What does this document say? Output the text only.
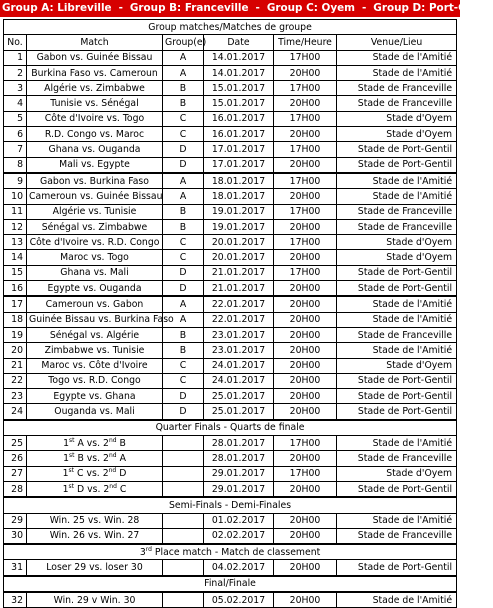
Group A: Libreville - Group B: Franceville - Group C: Oyem - Group D: Port-Gentil
Group matches/Matches de groupe					
No.	Match	Group(e)	Date	Time/Heure	Venue/Lieu
1	Gabon vs. Guinée Bissau	A	14.01.2017	17H00	Stade de l'Amitié
2	Burkina Faso vs. Cameroun	A	14.01.2017	20H00	Stade de l'Amitié
3	Algérie vs. Zimbabwe	B	15.01.2017	17H00	Stade de Franceville
4	Tunisie vs. Sénégal	B	15.01.2017	20H00	Stade de Franceville
5	Côte d'Ivoire vs. Togo	C	16.01.2017	17H00	Stade d'Oyem
6	R.D. Congo vs. Maroc	C	16.01.2017	20H00	Stade d'Oyem
7	Ghana vs. Ouganda	D	17.01.2017	17H00	Stade de Port-Gentil
8	Mali vs. Egypte	D	17.01.2017	20H00	Stade de Port-Gentil
9	Gabon vs. Burkina Faso	A	18.01.2017	17H00	Stade de l'Amitié
10	Cameroun vs. Guinée Bissau	A	18.01.2017	20H00	Stade de l'Amitié
11	Algérie vs. Tunisie	B	19.01.2017	17H00	Stade de Franceville
12	Sénégal vs. Zimbabwe	B	19.01.2017	20H00	Stade de Franceville
13	Côte d'Ivoire vs. R.D. Congo	C	20.01.2017	17H00	Stade d'Oyem
14	Maroc vs. Togo	C	20.01.2017	20H00	Stade d'Oyem
15	Ghana vs. Mali	D	21.01.2017	17H00	Stade de Port-Gentil
16	Egypte vs. Ouganda	D	21.01.2017	20H00	Stade de Port-Gentil
17	Cameroun vs. Gabon	A	22.01.2017	20H00	Stade de l'Amitié
18	Guinée Bissau vs. Burkina Faso	A	22.01.2017	20H00	Stade de l'Amitié
19	Sénégal vs. Algérie	B	23.01.2017	20H00	Stade de Franceville
20	Zimbabwe vs. Tunisie	B	23.01.2017	20H00	Stade de l'Amitié
21	Maroc vs. Côte d'Ivoire	C	24.01.2017	20H00	Stade d'Oyem
22	Togo vs. R.D. Congo	C	24.01.2017	20H00	Stade de Port-Gentil
23	Egypte vs. Ghana	D	25.01.2017	20H00	Stade de Port-Gentil
24	Ouganda vs. Mali	D	25.01.2017	20H00	Stade de Port-Gentil
Quarter Finals - Quarts de finale					
25	1st A vs. 2nd B		28.01.2017	17H00	Stade de l'Amitié
26	1st B vs. 2nd A		28.01.2017	20H00	Stade de Franceville
27	1st C vs. 2nd D		29.01.2017	17H00	Stade d'Oyem
28	1st D vs. 2nd C		29.01.2017	20H00	Stade de Port-Gentil
Semi-Finals - Demi-Finales					
29	Win. 25 vs. Win. 28		01.02.2017	20H00	Stade de l'Amitié
30	Win. 26 vs. Win. 27		02.02.2017	20H00	Stade de Franceville
3rd Place match - Match de classement					
31	Loser 29 vs. loser 30		04.02.2017	20H00	Stade de Port-Gentil
Final/Finale					
32	Win. 29 v Win. 30		05.02.2017	20H00	Stade de l'Amitié
